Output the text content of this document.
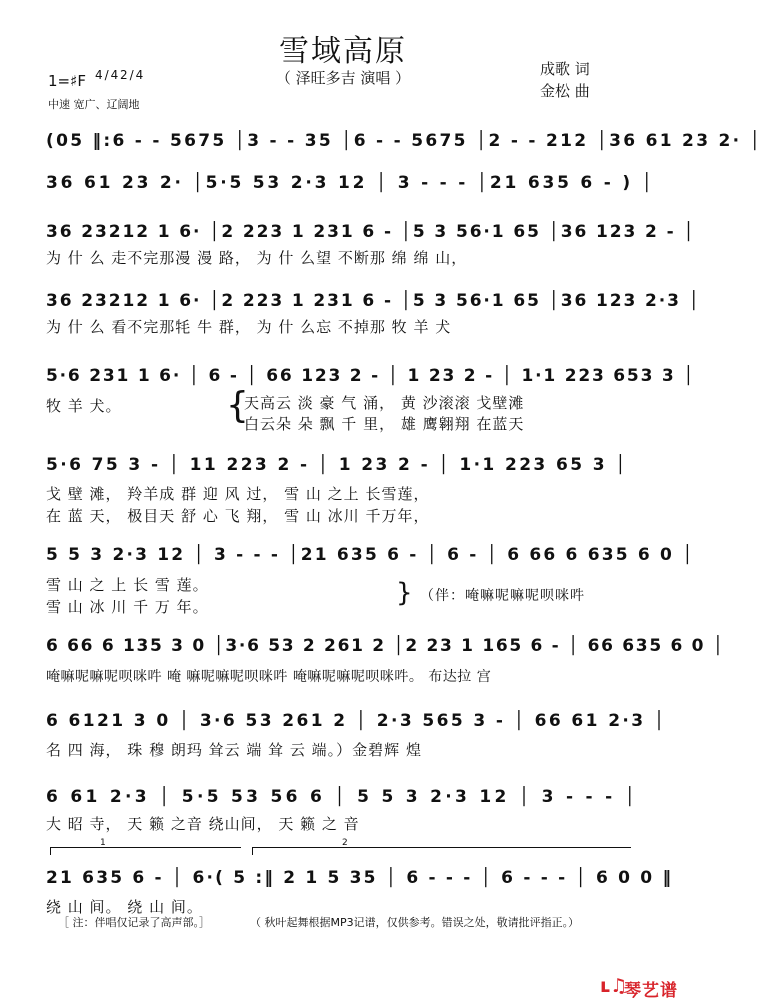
雪域高原
（ 泽旺多吉 演唱 ）	成歌 词
金松 曲
1=♯F 4/4 2/4
中速 宽广、辽阔地
(05 ‖:6 - - 5675 │3 - - 35 │6 - - 5675 │2 - - 212 │36 61 23 2· │
36 61 23 2· │5·5 53 2·3 12 │ 3 - - - │21 635 6 - ) │
36 23212 1 6· │2 223 1 231 6 - │5 3 56·1 65 │36 123 2 - │
为 什 么 走不完那漫 漫 路， 为 什 么望 不断那 绵 绵 山，
36 23212 1 6· │2 223 1 231 6 - │5 3 56·1 65 │36 123 2·3 │
为 什 么 看不完那牦 牛 群， 为 什 么忘 不掉那 牧 羊 犬
5·6 231 1 6· │ 6 - │ 66 123 2 - │ 1 23 2 - │ 1·1 223 653 3 │
牧 羊 犬。	{
天高云 淡 豪 气 涌， 黄 沙滚滚 戈壁滩
白云朵 朵 飘 千 里， 雄 鹰翱翔 在蓝天
5·6 75 3 - │ 11 223 2 - │ 1 23 2 - │ 1·1 223 65 3 │
戈 壁 滩， 羚羊成 群 迎 风 过， 雪 山 之上 长雪莲，
在 蓝 天， 极目天 舒 心 飞 翔， 雪 山 冰川 千万年，
5 5 3 2·3 12 │ 3 - - - │21 635 6 - │ 6 - │ 6 66 6 635 6 0 │
雪 山 之 上 长 雪 莲。
雪 山 冰 川 千 万 年。	} （伴：唵嘛呢嘛呢呗咪吽
6 66 6 135 3 0 │3·6 53 2 261 2 │2 23 1 165 6 - │ 66 635 6 0 │
唵嘛呢嘛呢呗咪吽 唵 嘛呢嘛呢呗咪吽 唵嘛呢嘛呢呗咪吽。 布达拉 宫
6 6121 3 0 │ 3·6 53 261 2 │ 2·3 565 3 - │ 66 61 2·3 │
名 四 海， 珠 穆 朗玛 耸云 端 耸 云 端。）金碧辉 煌
6 61 2·3 │ 5·5 53 56 6 │ 5 5 3 2·3 12 │ 3 - - - │
大 昭 寺， 天 籁 之音 绕山间， 天 籁 之 音
1	2
21 635 6 - │ 6·( 5 :‖ 2 1 5 35 │ 6 - - - │ 6 - - - │ 6 0 0 ‖
绕 山 间。 绕 山 间。
［ 注：伴唱仅记录了高声部。］	（ 秋叶起舞根据MP3记谱，仅供参考。错误之处，敬请批评指正。）
ʟ♫
琴艺谱
